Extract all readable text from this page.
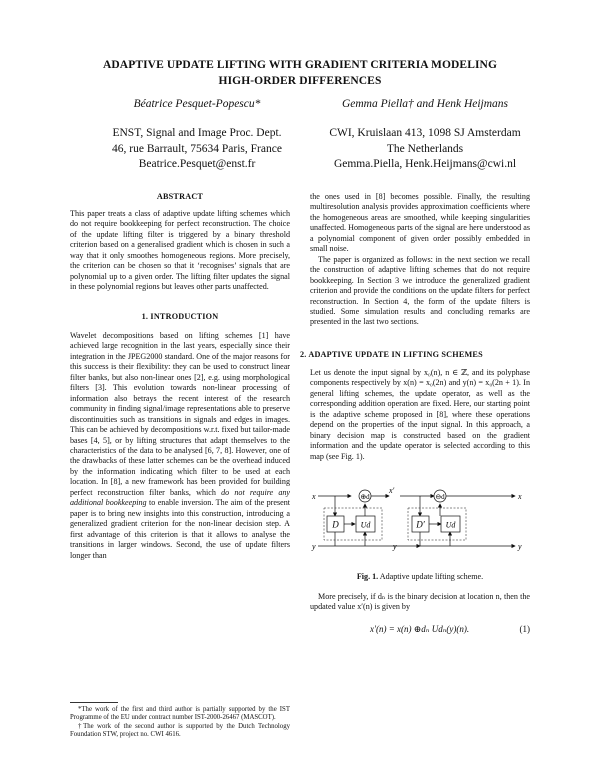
ADAPTIVE UPDATE LIFTING WITH GRADIENT CRITERIA MODELING
HIGH-ORDER DIFFERENCES
Béatrice Pesquet-Popescu*	Gemma Piella† and Henk Heijmans
ENST, Signal and Image Proc. Dept.
46, rue Barrault, 75634 Paris, France
Beatrice.Pesquet@enst.fr
CWI, Kruislaan 413, 1098 SJ Amsterdam
The Netherlands
Gemma.Piella, Henk.Heijmans@cwi.nl
ABSTRACT

This paper treats a class of adaptive update lifting schemes which do not require bookkeeping for perfect reconstruction. The choice of the update lifting filter is triggered by a binary threshold criterion based on a generalised gradient which is chosen in such a way that it only smoothes homogeneous regions. More precisely, the criterion can be chosen so that it ‘recognises’ signals that are polynomial up to a given order. The lifting filter updates the signal in these polynomial regions but leaves other parts unaffected.

1. INTRODUCTION

Wavelet decompositions based on lifting schemes [1] have achieved large recognition in the last years, especially since their integration in the JPEG2000 standard. One of the major reasons for this success is their flexibility: they can be used to construct linear filter banks, but also non-linear ones [2], e.g. using morphological filters [3]. This evolution towards non-linear processing of information also betrays the recent interest of the research community in finding signal/image representations able to preserve discontinuities such as transitions in signals and edges in images. This can be achieved by decompositions w.r.t. fixed but tailor-made bases [4, 5], or by lifting structures that adapt themselves to the characteristics of the data to be analysed [6, 7, 8]. However, one of the drawbacks of these latter schemes can be the overhead induced by the information indicating which filter to be used at each location. In [8], a new framework has been provided for building perfect reconstruction filter banks, which do not require any additional bookkeeping to enable inversion. The aim of the present paper is to bring new insights into this construction, introducing a generalized gradient criterion for the non-linear decision step. A first advantage of this criterion is that it allows to analyse the transitions in larger windows. Second, the use of update filters longer than

*The work of the first and third author is partially supported by the IST Programme of the EU under contract number IST-2000-26467 (MASCOT).

†The work of the second author is supported by the Dutch Technology Foundation STW, project no. CWI 4616.

the ones used in [8] becomes possible. Finally, the resulting multiresolution analysis provides approximation coefficients where the homogeneous areas are smoothed, while keeping singularities unaffected. Homogeneous parts of the signal are here understood as a polynomial component of given order possibly embedded in small noise.

The paper is organized as follows: in the next section we recall the construction of adaptive lifting schemes that do not require bookkeeping. In Section 3 we introduce the generalized gradient criterion and provide the conditions on the update filters for perfect reconstruction. In Section 4, the form of the update filters is studied. Some simulation results and concluding remarks are presented in the last two sections.

2. ADAPTIVE UPDATE IN LIFTING SCHEMES

Let us denote the input signal by x₀(n), n ∈ ℤ, and its polyphase components respectively by x(n) = x₀(2n) and y(n) = x₀(2n + 1). In general lifting schemes, the update operator, as well as the corresponding addition operation are fixed. Here, our starting point is the adaptive scheme proposed in [8], where these operations depend on the properties of the input signal. In this approach, a binary decision map is constructed based on the gradient information and the update operator is selected according to this map (see Fig. 1).

D	Ud
⊕d
x
y
x′
y
D′	Ud
⊖d	x
y
Fig. 1. Adaptive update lifting scheme.

More precisely, if dₙ is the binary decision at location n, then the updated value x′(n) is given by

x′(n) = x(n) ⊕dₙ Udₙ(y)(n).	(1)
